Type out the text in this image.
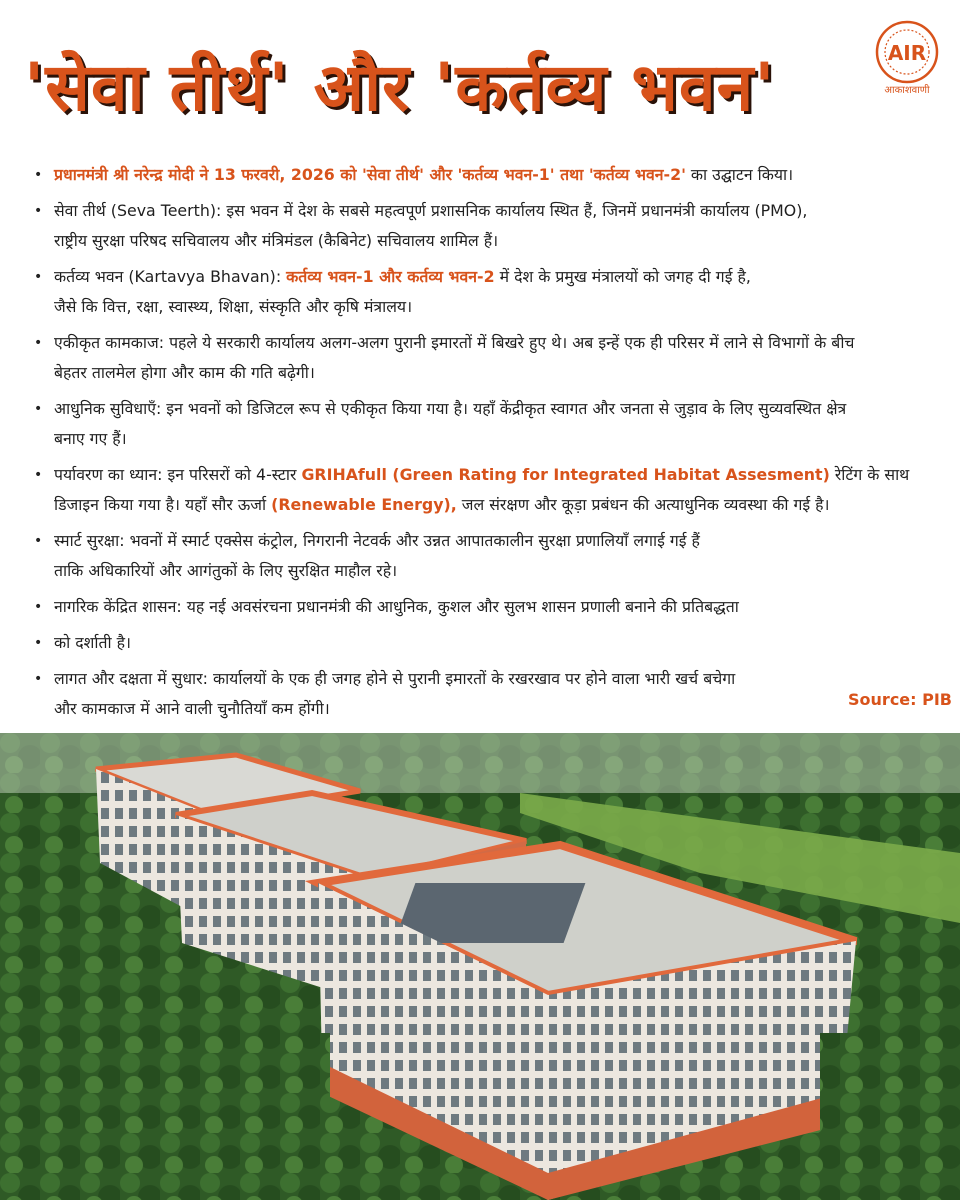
'सेवा तीर्थ' और 'कर्तव्य भवन'	AIR
आकाशवाणी
• प्रधानमंत्री श्री नरेन्द्र मोदी ने 13 फरवरी, 2026 को 'सेवा तीर्थ' और 'कर्तव्य भवन-1' तथा 'कर्तव्य भवन-2' का उद्घाटन किया।
• सेवा तीर्थ (Seva Teerth): इस भवन में देश के सबसे महत्वपूर्ण प्रशासनिक कार्यालय स्थित हैं, जिनमें प्रधानमंत्री कार्यालय (PMO),
राष्ट्रीय सुरक्षा परिषद सचिवालय और मंत्रिमंडल (कैबिनेट) सचिवालय शामिल हैं।
• कर्तव्य भवन (Kartavya Bhavan): कर्तव्य भवन-1 और कर्तव्य भवन-2 में देश के प्रमुख मंत्रालयों को जगह दी गई है,
जैसे कि वित्त, रक्षा, स्वास्थ्य, शिक्षा, संस्कृति और कृषि मंत्रालय।
• एकीकृत कामकाज: पहले ये सरकारी कार्यालय अलग-अलग पुरानी इमारतों में बिखरे हुए थे। अब इन्हें एक ही परिसर में लाने से विभागों के बीच
बेहतर तालमेल होगा और काम की गति बढ़ेगी।
• आधुनिक सुविधाएँ: इन भवनों को डिजिटल रूप से एकीकृत किया गया है। यहाँ केंद्रीकृत स्वागत और जनता से जुड़ाव के लिए सुव्यवस्थित क्षेत्र
बनाए गए हैं।
• पर्यावरण का ध्यान: इन परिसरों को 4-स्टार GRIHAfull (Green Rating for Integrated Habitat Assesment) रेटिंग के साथ
डिजाइन किया गया है। यहाँ सौर ऊर्जा (Renewable Energy), जल संरक्षण और कूड़ा प्रबंधन की अत्याधुनिक व्यवस्था की गई है।
• स्मार्ट सुरक्षा: भवनों में स्मार्ट एक्सेस कंट्रोल, निगरानी नेटवर्क और उन्नत आपातकालीन सुरक्षा प्रणालियाँ लगाई गई हैं
ताकि अधिकारियों और आगंतुकों के लिए सुरक्षित माहौल रहे।
• नागरिक केंद्रित शासन: यह नई अवसंरचना प्रधानमंत्री की आधुनिक, कुशल और सुलभ शासन प्रणाली बनाने की प्रतिबद्धता
• को दर्शाती है।
• लागत और दक्षता में सुधार: कार्यालयों के एक ही जगह होने से पुरानी इमारतों के रखरखाव पर होने वाला भारी खर्च बचेगा
और कामकाज में आने वाली चुनौतियाँ कम होंगी।	Source: PIB
